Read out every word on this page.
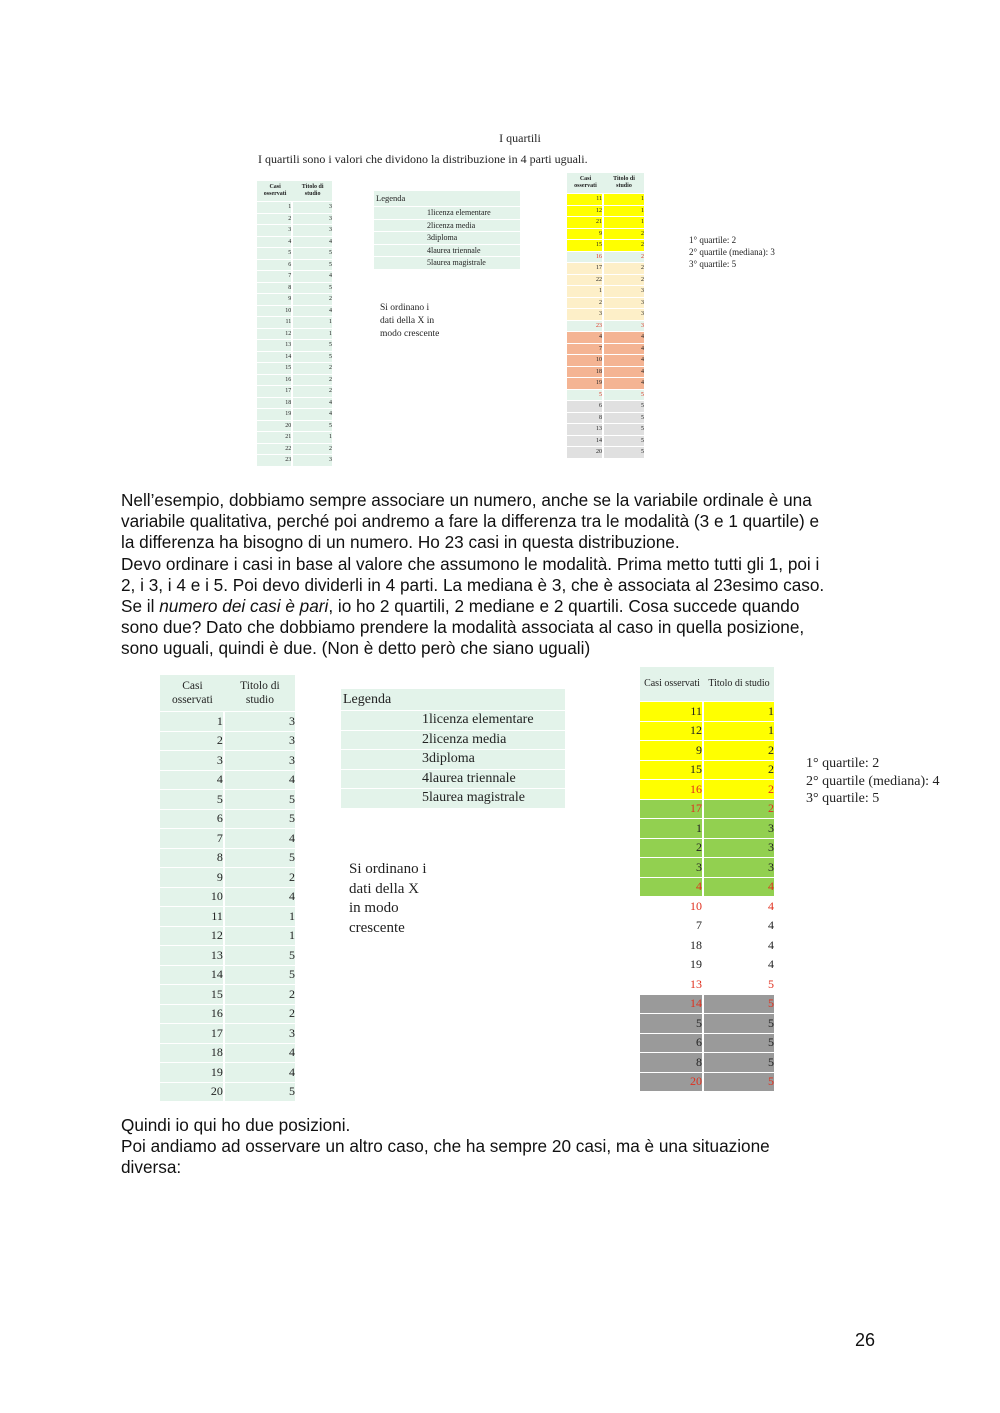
I quartili
I quartili sono i valori che dividono la distribuzione in 4 parti uguali.
Casi osservati	Titolo di studio
1	3
2	3
3	3
4	4
5	5
6	5
7	4
8	5
9	2
10	4
11	1
12	1
13	5
14	5
15	2
16	2
17	2
18	4
19	4
20	5
21	1
22	2
23	3
Legenda
1 licenza elementare
2 licenza media
3 diploma
4 laurea triennale
5 laurea magistrale
Si ordinano i dati della X in modo crescente
Casi osservati	Titolo di studio
11	1
12	1
21	1
9	2
15	2
16	2
17	2
22	2
1	3
2	3
3	3
23	3
4	4
7	4
10	4
18	4
19	4
5	5
6	5
8	5
13	5
14	5
20	5
1° quartile: 2
2° quartile (mediana): 3
3° quartile: 5
Nell’esempio, dobbiamo sempre associare un numero, anche se la variabile ordinale è una
variabile qualitativa, perché poi andremo a fare la differenza tra le modalità (3 e 1 quartile) e
la differenza ha bisogno di un numero. Ho 23 casi in questa distribuzione.
Devo ordinare i casi in base al valore che assumono le modalità. Prima metto tutti gli 1, poi i
2, i 3, i 4 e i 5. Poi devo dividerli in 4 parti. La mediana è 3, che è associata al 23esimo caso.
Se il numero dei casi è pari, io ho 2 quartili, 2 mediane e 2 quartili. Cosa succede quando
sono due? Dato che dobbiamo prendere la modalità associata al caso in quella posizione,
sono uguali, quindi è due. (Non è detto però che siano uguali)
Casi osservati	Titolo di studio
1	3
2	3
3	3
4	4
5	5
6	5
7	4
8	5
9	2
10	4
11	1
12	1
13	5
14	5
15	2
16	2
17	3
18	4
19	4
20	5
Legenda
1 licenza elementare
2 licenza media
3 diploma
4 laurea triennale
5 laurea magistrale
Si ordinano i dati della X in modo crescente
Casi osservati	Titolo di studio
11	1
12	1
9	2
15	2
16	2
17	2
1	3
2	3
3	3
4	4
10	4
7	4
18	4
19	4
13	5
14	5
5	5
6	5
8	5
20	5
1° quartile: 2
2° quartile (mediana): 4
3° quartile: 5
Quindi io qui ho due posizioni.
Poi andiamo ad osservare un altro caso, che ha sempre 20 casi, ma è una situazione
diversa:
26
